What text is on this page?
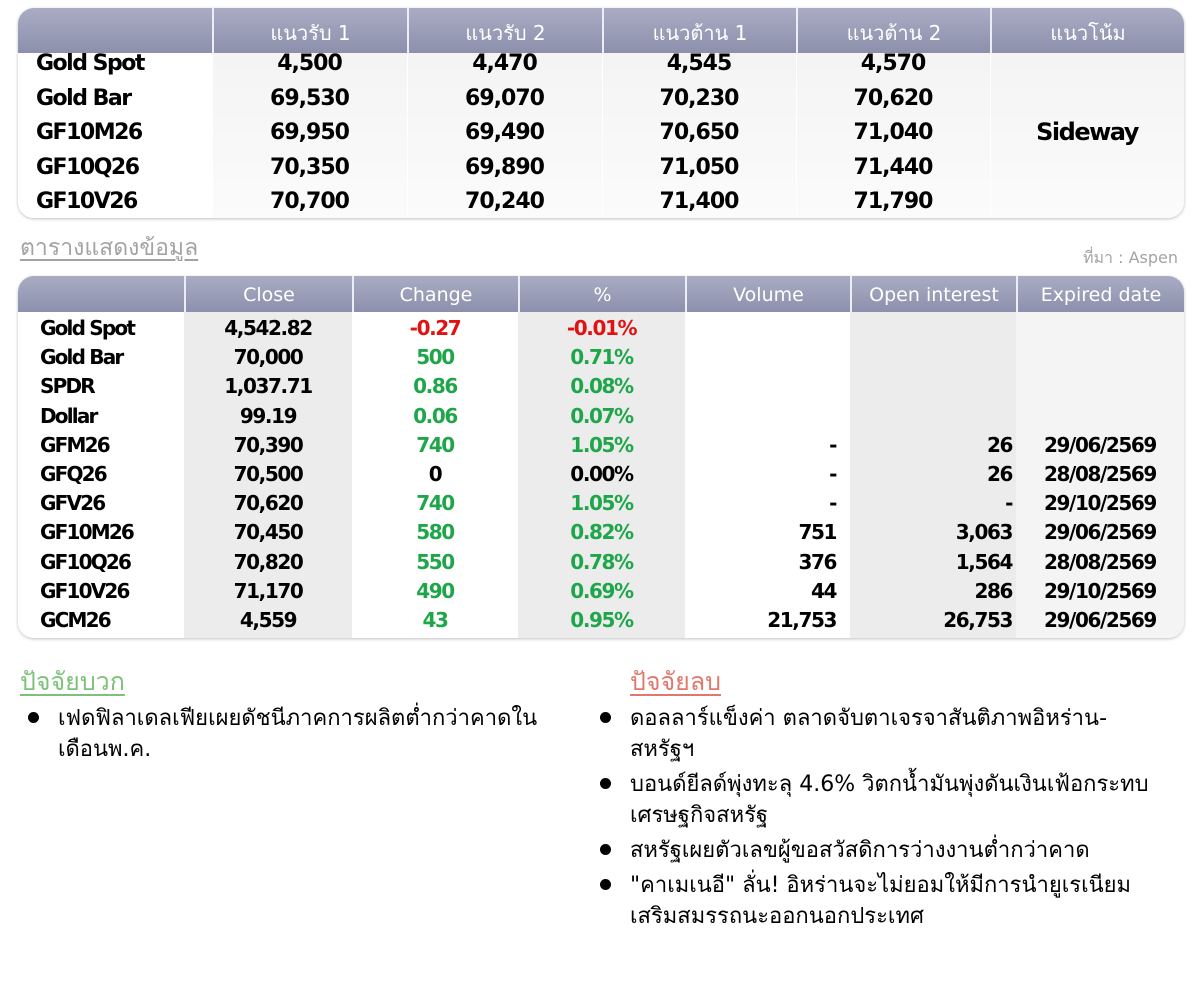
แนวรับ 1	แนวรับ 2	แนวต้าน 1	แนวต้าน 2	แนวโน้ม
Gold Spot	4,500	4,470	4,545	4,570
Gold Bar	69,530	69,070	70,230	70,620
GF10M26	69,950	69,490	70,650	71,040
GF10Q26	70,350	69,890	71,050	71,440
GF10V26	70,700	70,240	71,400	71,790
Sideway
ตารางแสดงข้อมูล	ที่มา : Aspen
Close	Change	%	Volume	Open interest	Expired date
Gold Spot	4,542.82	-0.27	-0.01%
Gold Bar	70,000	500	0.71%
SPDR	1,037.71	0.86	0.08%
Dollar	99.19	0.06	0.07%
GFM26	70,390	740	1.05%	-	26	29/06/2569
GFQ26	70,500	0	0.00%	-	26	28/08/2569
GFV26	70,620	740	1.05%	-	-	29/10/2569
GF10M26	70,450	580	0.82%	751	3,063	29/06/2569
GF10Q26	70,820	550	0.78%	376	1,564	28/08/2569
GF10V26	71,170	490	0.69%	44	286	29/10/2569
GCM26	4,559	43	0.95%	21,753	26,753	29/06/2569
ปัจจัยบวก
เฟดฟิลาเดลเฟียเผยดัชนีภาคการผลิตต่ำกว่าคาดในเดือนพ.ค.
ปัจจัยลบ
ดอลลาร์แข็งค่า ตลาดจับตาเจรจาสันติภาพอิหร่าน-สหรัฐฯ
บอนด์ยีลด์พุ่งทะลุ 4.6% วิตกน้ำมันพุ่งดันเงินเฟ้อกระทบเศรษฐกิจสหรัฐ
สหรัฐเผยตัวเลขผู้ขอสวัสดิการว่างงานต่ำกว่าคาด
"คาเมเนอี" ลั่น! อิหร่านจะไม่ยอมให้มีการนำยูเรเนียมเสริมสมรรถนะออกนอกประเทศ
